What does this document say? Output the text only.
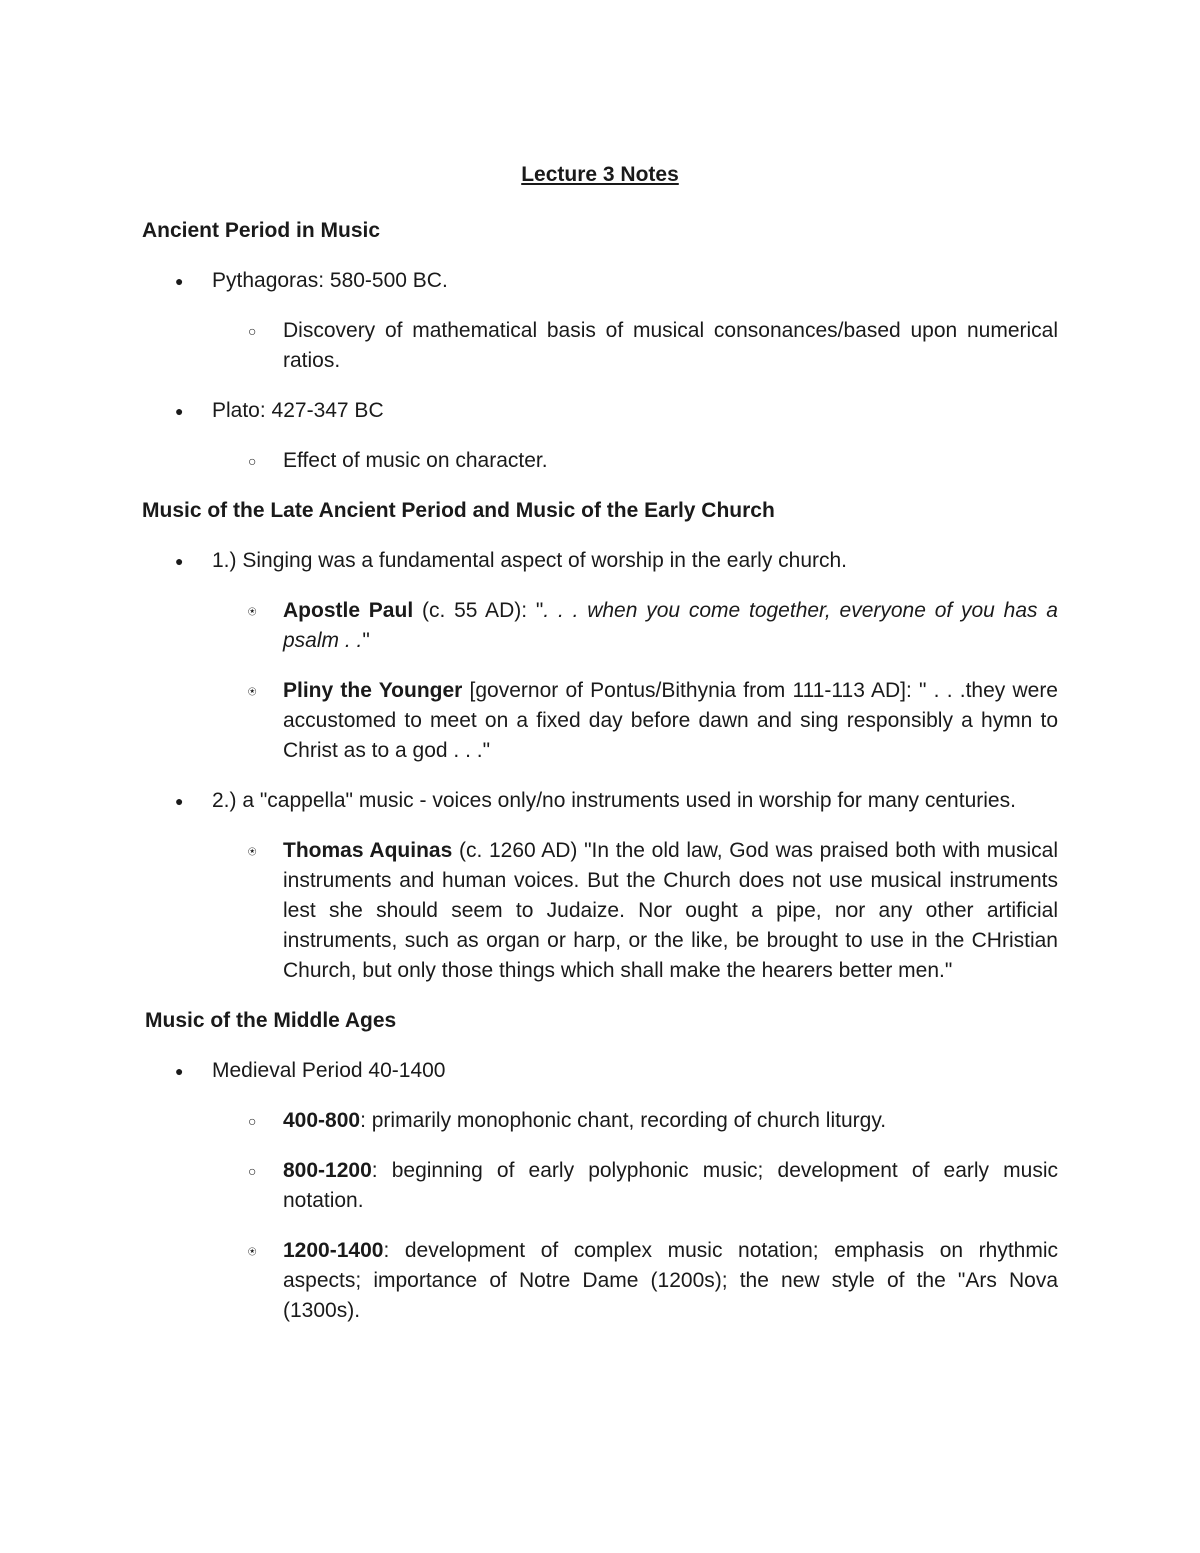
Lecture 3 Notes
Ancient Period in Music
● Pythagoras: 580-500 BC.
○ Discovery of mathematical basis of musical consonances/based upon numerical ratios.
● Plato: 427-347 BC
○ Effect of music on character.
Music of the Late Ancient Period and Music of the Early Church
● 1.) Singing was a fundamental aspect of worship in the early church.
⍟ Apostle Paul (c. 55 AD): ". . . when you come together, everyone of you has a psalm . ."
⍟ Pliny the Younger [governor of Pontus/Bithynia from 111-113 AD]: " . . .they were accustomed to meet on a fixed day before dawn and sing responsibly a hymn to Christ as to a god . . ."
● 2.) a "cappella" music - voices only/no instruments used in worship for many centuries.
⍟ Thomas Aquinas (c. 1260 AD) "In the old law, God was praised both with musical instruments and human voices. But the Church does not use musical instruments lest she should seem to Judaize. Nor ought a pipe, nor any other artificial instruments, such as organ or harp, or the like, be brought to use in the CHristian Church, but only those things which shall make the hearers better men."
Music of the Middle Ages
● Medieval Period 40-1400
○ 400-800: primarily monophonic chant, recording of church liturgy.
○ 800-1200: beginning of early polyphonic music; development of early music notation.
⍟ 1200-1400: development of complex music notation; emphasis on rhythmic aspects; importance of Notre Dame (1200s); the new style of the "Ars Nova (1300s).
